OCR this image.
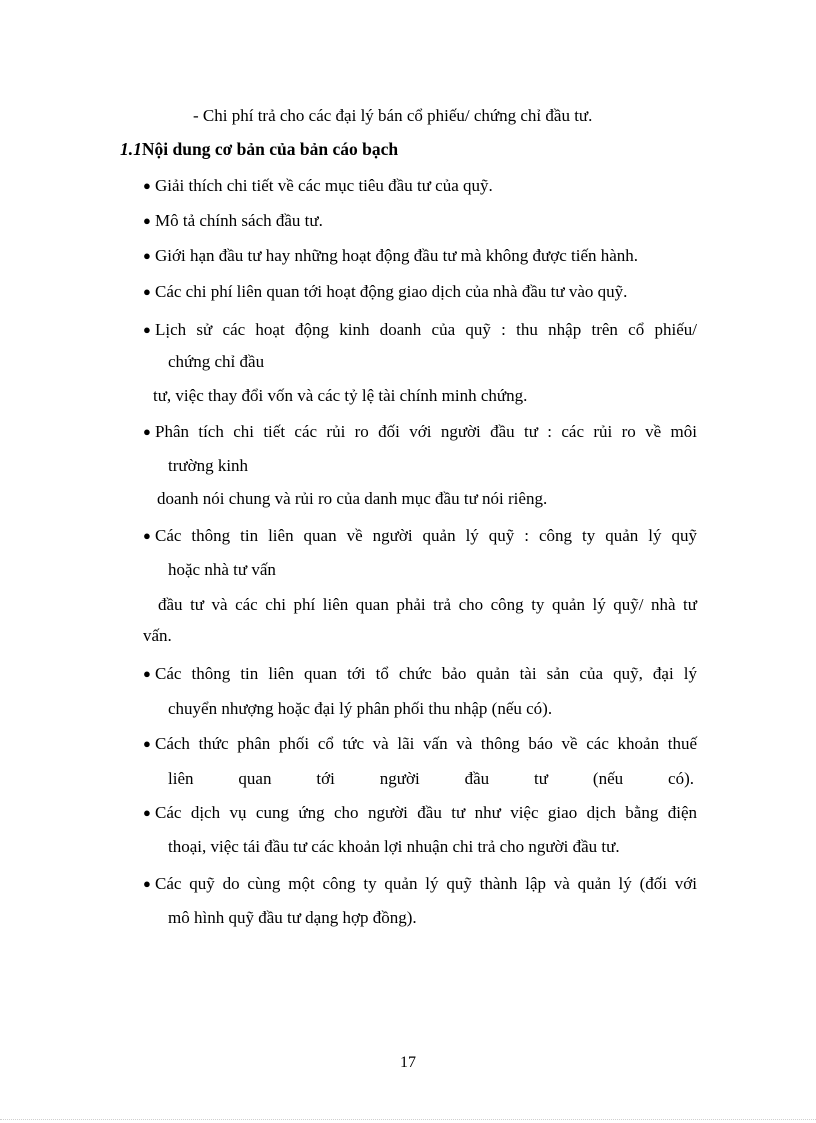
- Chi phí trả cho các đại lý bán cổ phiếu/ chứng chỉ đầu tư.

1.1Nội dung cơ bản của bản cáo bạch

● Giải thích chi tiết về các mục tiêu đầu tư của quỹ.

● Mô tả chính sách đầu tư.

● Giới hạn đầu tư hay những hoạt động đầu tư mà không được tiến hành.

● Các chi phí liên quan tới hoạt động giao dịch của nhà đầu tư vào quỹ.

● Lịch sử các hoạt động kinh doanh của quỹ : thu nhập trên cổ phiếu/

chứng chỉ đầu

tư, việc thay đổi vốn và các tỷ lệ tài chính minh chứng.

● Phân tích chi tiết các rủi ro đối với người đầu tư : các rủi ro về môi

trường kinh

doanh nói chung và rủi ro của danh mục đầu tư nói riêng.

● Các thông tin liên quan về người quản lý quỹ : công ty quản lý quỹ

hoặc nhà tư vấn

đầu tư và các chi phí liên quan phải trả cho công ty quản lý quỹ/ nhà tư

vấn.

● Các thông tin liên quan tới tổ chức bảo quản tài sản của quỹ, đại lý

chuyển nhượng hoặc đại lý phân phối thu nhập (nếu có).

● Cách thức phân phối cổ tức và lãi vấn và thông báo về các khoản thuế

liên quan tới người đầu tư (nếu có).

● Các dịch vụ cung ứng cho người đầu tư như việc giao dịch bằng điện

thoại, việc tái đầu tư các khoản lợi nhuận chi trả cho người đầu tư.

● Các quỹ do cùng một công ty quản lý quỹ thành lập và quản lý (đối với

mô hình quỹ đầu tư dạng hợp đồng).

17
